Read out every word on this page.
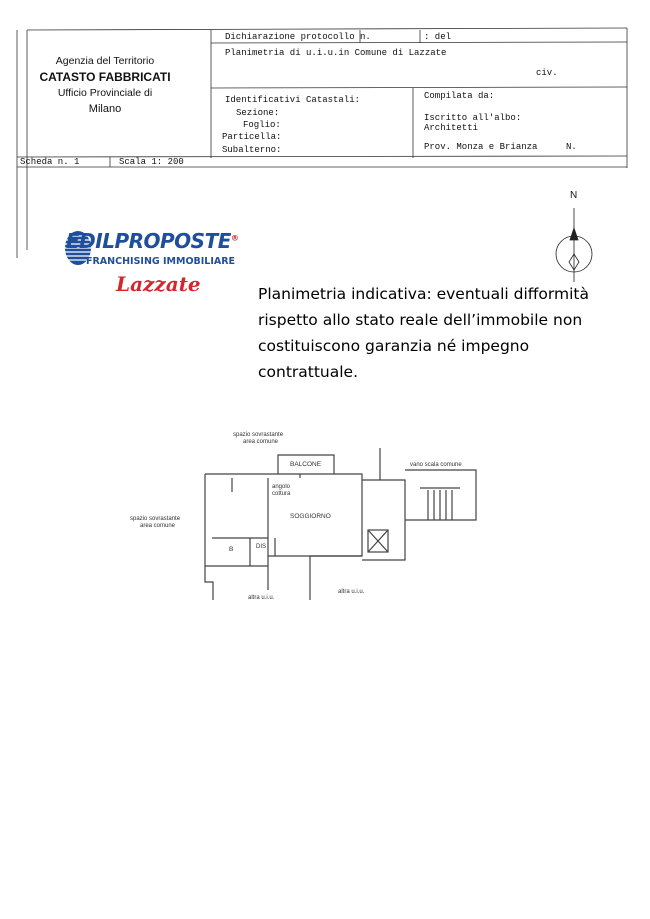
Agenzia del Territorio
CATASTO FABBRICATI
Ufficio Provinciale di
Milano
Dichiarazione protocollo n.	: del
Planimetria di u.i.u.in Comune di Lazzate
civ.
Identificativi Catastali:
Sezione:
Foglio:
Particella:
Subalterno:
Compilata da:
Iscritto all'albo:
Architetti
Prov. Monza e Brianza	N.
Scheda n. 1	Scala 1: 200
N
EDILPROPOSTE®
FRANCHISING IMMOBILIARE
Lazzate	Planimetria indicativa: eventuali difformità
rispetto allo stato reale dell’immobile non
costituiscono garanzia né impegno
contrattuale.
spazio sovrastante
area comune
spazio sovrastante
area comune
BALCONE
angolo
cottura
SOGGIORNO
vano scala comune
B	DIS
altra u.i.u.
altra u.i.u.
